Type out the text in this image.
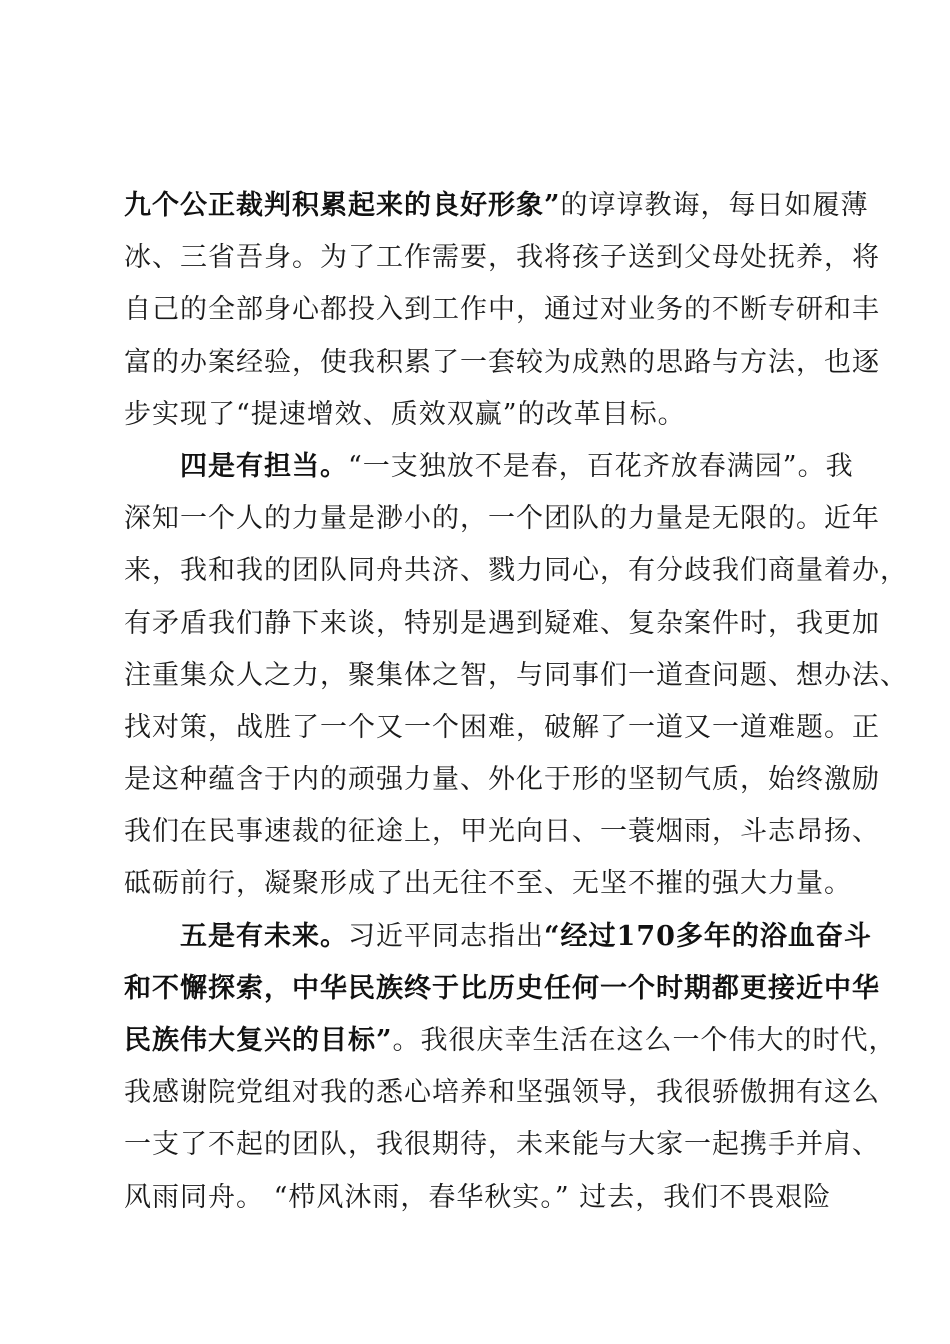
九个公正裁判积累起来的良好形象”的谆谆教诲，每日如履薄
冰、三省吾身。为了工作需要，我将孩子送到父母处抚养，将
自己的全部身心都投入到工作中，通过对业务的不断专研和丰
富的办案经验，使我积累了一套较为成熟的思路与方法，也逐
步实现了“提速增效、质效双赢”的改革目标。
　　四是有担当。“一支独放不是春，百花齐放春满园”。我
深知一个人的力量是渺小的，一个团队的力量是无限的。近年
来，我和我的团队同舟共济、戮力同心，有分歧我们商量着办，
有矛盾我们静下来谈，特别是遇到疑难、复杂案件时，我更加
注重集众人之力，聚集体之智，与同事们一道查问题、想办法、
找对策，战胜了一个又一个困难，破解了一道又一道难题。正
是这种蕴含于内的顽强力量、外化于形的坚韧气质，始终激励
我们在民事速裁的征途上，甲光向日、一蓑烟雨，斗志昂扬、
砥砺前行，凝聚形成了出无往不至、无坚不摧的强大力量。
　　五是有未来。习近平同志指出“经过170多年的浴血奋斗
和不懈探索，中华民族终于比历史任何一个时期都更接近中华
民族伟大复兴的目标”。我很庆幸生活在这么一个伟大的时代，
我感谢院党组对我的悉心培养和坚强领导，我很骄傲拥有这么
一支了不起的团队，我很期待，未来能与大家一起携手并肩、
风雨同舟。 “栉风沐雨，春华秋实。” 过去，我们不畏艰险
